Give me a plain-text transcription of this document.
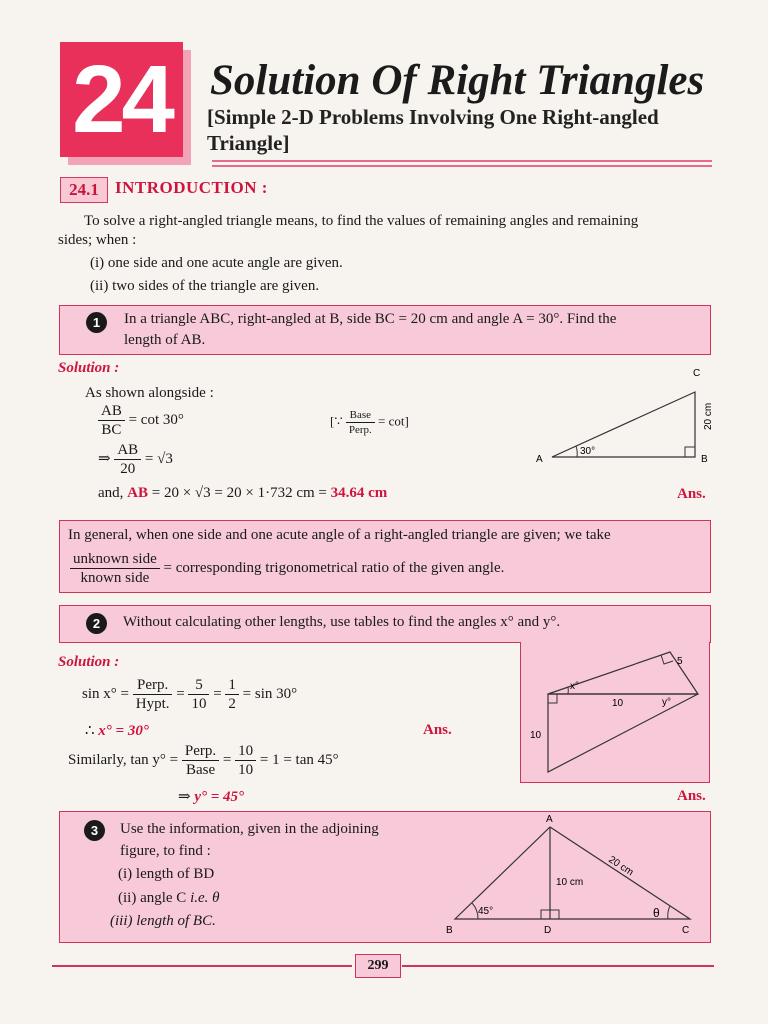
24 Solution Of Right Triangles
[Simple 2-D Problems Involving One Right-angled
Triangle]
24.1 INTRODUCTION :
To solve a right-angled triangle means, to find the values of remaining angles and remaining
sides; when :
(i) one side and one acute angle are given.
(ii) two sides of the triangle are given.
1	In a triangle ABC, right-angled at B, side BC = 20 cm and angle A = 30°. Find the
length of AB.
Solution :
As shown alongside :
$\frac{AB}{BC} = \cot 30^\circ$	[∵ $\frac{\text{Base}}{\text{Perp.}} = \cot$]
⇒ $\frac{AB}{20} = √3$
and, AB = 20 × √3 = 20 × 1·732 cm = 34.64 cm	Ans.
A	B
C
30°
20 cm
In general, when one side and one acute angle of a right-angled triangle are given; we take
$\frac{\text{unknown side}}{\text{known side}}$ = corresponding trigonometrical ratio of the given angle.
2	Without calculating other lengths, use tables to find the angles x° and y°.
x°
y°
5
10
10
Solution :
$\sin x^\circ = \frac{\text{Perp.}}{\text{Hypt.}} = \frac{5}{10} = \frac{1}{2} = \sin 30^\circ$
∴ x° = 30°	Ans.
Similarly, $\tan y^\circ = \frac{\text{Perp.}}{\text{Base}} = \frac{10}{10} = 1 = \tan 45^\circ$
⇒ y° = 45°	Ans.
3	Use the information, given in the adjoining
figure, to find :
(i) length of BD
(ii) angle C i.e. θ
(iii) length of BC.
A
B	C
D
45°	θ
10 cm
20 cm
299
